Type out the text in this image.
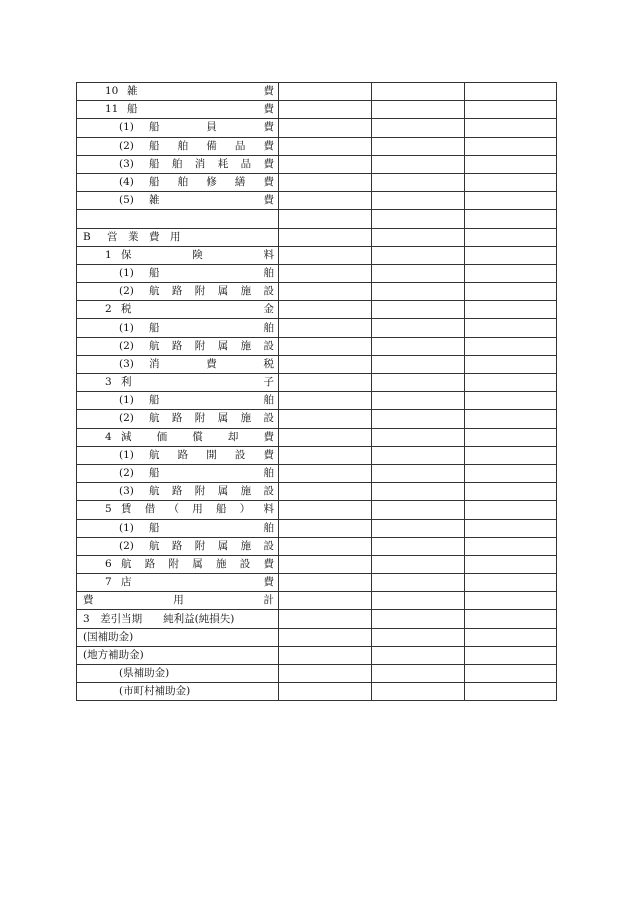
10 雑費			

11 船費			

(1) 船員費			

(2) 船舶備品費			

(3) 船舶消耗品費			

(4) 船舶修繕費			

(5) 雑費			

B 営　業　費　用			

1 保険料			

(1) 船舶			

(2) 航路附属施設			

2 税金			

(1) 船舶			

(2) 航路附属施設			

(3) 消費税			

3 利子			

(1) 船舶			

(2) 航路附属施設			

4 減価償却費			

(1) 航路開設費			

(2) 船舶			

(3) 航路附属施設			

5 賃借（用船）料			

(1) 船舶			

(2) 航路附属施設			

6 航路附属施設費			

7 店費			

費用計			

3　差引当期　　純利益(純損失)			

(国補助金)			

(地方補助金)			

(県補助金)			

(市町村補助金)			
